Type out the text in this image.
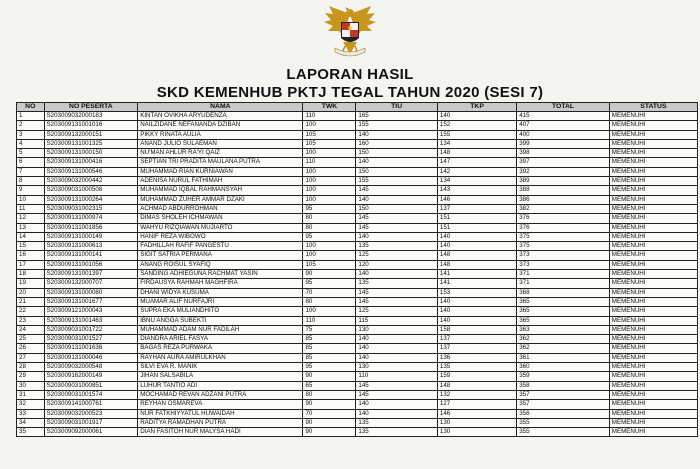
LAPORAN HASIL
SKD KEMENHUB PKTJ TEGAL TAHUN 2020 (SESI 7)
NO	NO PESERTA	NAMA	TWK	TIU	TKP	TOTAL	STATUS
1	S203009032000183	KINTAN OVIKHA ARYUDENZA	110	165	140	415	MEMENUHI
2	S203009131001016	NAILZIDANE NEFANANDA DZIBAN	100	155	152	407	MEMENUHI
3	S203009132000151	PIKKY RINATA AULIA	105	140	155	400	MEMENUHI
4	S203009131001325	ANAND JULIO SULAEMAN	105	160	134	399	MEMENUHI
5	S203009131000150	NU'MAN AHLUR RA'YI QAIZ	100	150	148	398	MEMENUHI
6	S203009131000416	SEPTIAN TRI PRADITA MAULANA PUTRA	110	140	147	397	MEMENUHI
7	S203009131000546	MUHAMMAD RIAN KURNIAWAN	100	150	142	392	MEMENUHI
8	S203009032000442	ADENISA NURUL FATHIMAH	100	155	134	389	MEMENUHI
9	S203009031000508	MUHAMMAD IQBAL RAHMANSYAH	100	145	143	388	MEMENUHI
10	S203009131000264	MUHAMMAD ZUHER AMMAR DZAKI	100	140	146	386	MEMENUHI
11	S203009031002315	ACHMAD ABDURROHMAN	95	150	137	382	MEMENUHI
12	S203009131000974	DIMAS SHOLEH ICHMAWAN	80	145	151	376	MEMENUHI
13	S203009131001856	WAHYU RIZQIAWAN MUJIARTO	80	145	151	376	MEMENUHI
14	S203009131000149	HANIF REZA WIBOWO	95	140	140	375	MEMENUHI
15	S203009131000613	FADHILLAH RAFIF PANGESTU	100	135	140	375	MEMENUHI
16	S203009131000141	SIGIT SATRIA PERMANA	100	125	148	373	MEMENUHI
17	S203009131001056	ANANG ROISUL SYAFIQ	105	120	148	373	MEMENUHI
18	S203009131001397	SANDING ADHIEGUNA RACHMAT YASIN	90	140	141	371	MEMENUHI
19	S203009132000707	FIRDAUSYA RAHMAH MAGHFIRA	95	135	141	371	MEMENUHI
20	S203009131000080	DHANI WIDYA KUSUMA	70	145	153	368	MEMENUHI
21	S203009131001677	MUAMAR ALIF NURFAJRI	80	145	140	365	MEMENUHI
22	S203009121000043	SUPRA EKA MULIANDHITO	100	125	140	365	MEMENUHI
23	S203009131001463	IBNU ANGGA SUBEKTI	110	115	140	365	MEMENUHI
24	S203009031001722	MUHAMMAD ADAM NUR FADILAH	75	130	158	363	MEMENUHI
25	S203009031001527	DIANDRA ARIEL FASYA	85	140	137	362	MEMENUHI
26	S203009131001636	BAGAS REZA PURWAKA	85	140	137	362	MEMENUHI
27	S203009131000046	RAYHAN AURA AMIRULKHAN	85	140	136	361	MEMENUHI
28	S203009032000548	SILVI EVA R. MANIK	95	130	135	360	MEMENUHI
29	S203009162000149	JIHAN SALSABILA	90	110	159	359	MEMENUHI
30	S203009031000851	LUHUR TANTIO ADI	65	145	148	358	MEMENUHI
31	S203009031001574	MOCHAMAD REVAN ADZANI PUTRA	80	145	132	357	MEMENUHI
32	S203009141000761	REYHAN OSMAREVA	90	140	127	357	MEMENUHI
33	S203009032000523	NUR FATKHIYYATUL HUWAIDAH	70	140	146	356	MEMENUHI
34	S203009031001917	RADITYA RAMADHAN PUTRA	90	135	130	355	MEMENUHI
35	S203009092000061	DIAN FASITOH NUR MALYSA HADI	90	135	130	355	MEMENUHI
